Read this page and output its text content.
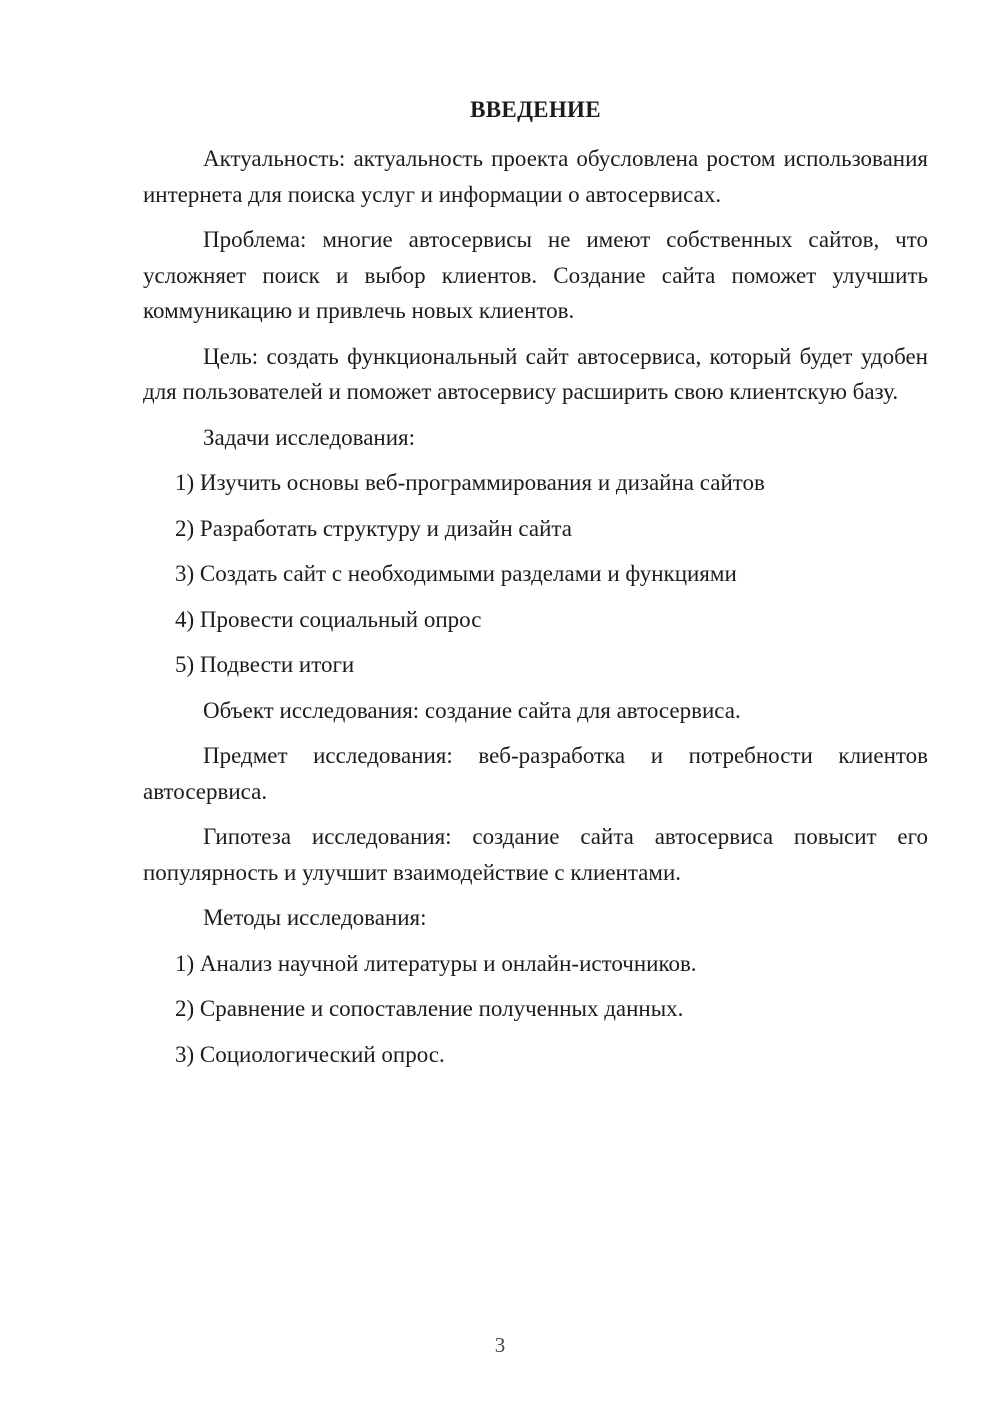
ВВЕДЕНИЕ

Актуальность: актуальность проекта обусловлена ростом использования интернета для поиска услуг и информации о автосервисах.

Проблема: многие автосервисы не имеют собственных сайтов, что усложняет поиск и выбор клиентов. Создание сайта поможет улучшить коммуникацию и привлечь новых клиентов.

Цель: создать функциональный сайт автосервиса, который будет удобен для пользователей и поможет автосервису расширить свою клиентскую базу.

Задачи исследования:

1) Изучить основы веб-программирования и дизайна сайтов

2) Разработать структуру и дизайн сайта

3) Создать сайт с необходимыми разделами и функциями

4) Провести социальный опрос

5) Подвести итоги

Объект исследования: создание сайта для автосервиса.

Предмет исследования: веб-разработка и потребности клиентов автосервиса.

Гипотеза исследования: создание сайта автосервиса повысит его популярность и улучшит взаимодействие с клиентами.

Методы исследования:

1) Анализ научной литературы и онлайн-источников.

2) Сравнение и сопоставление полученных данных.

3) Социологический опрос.

3
